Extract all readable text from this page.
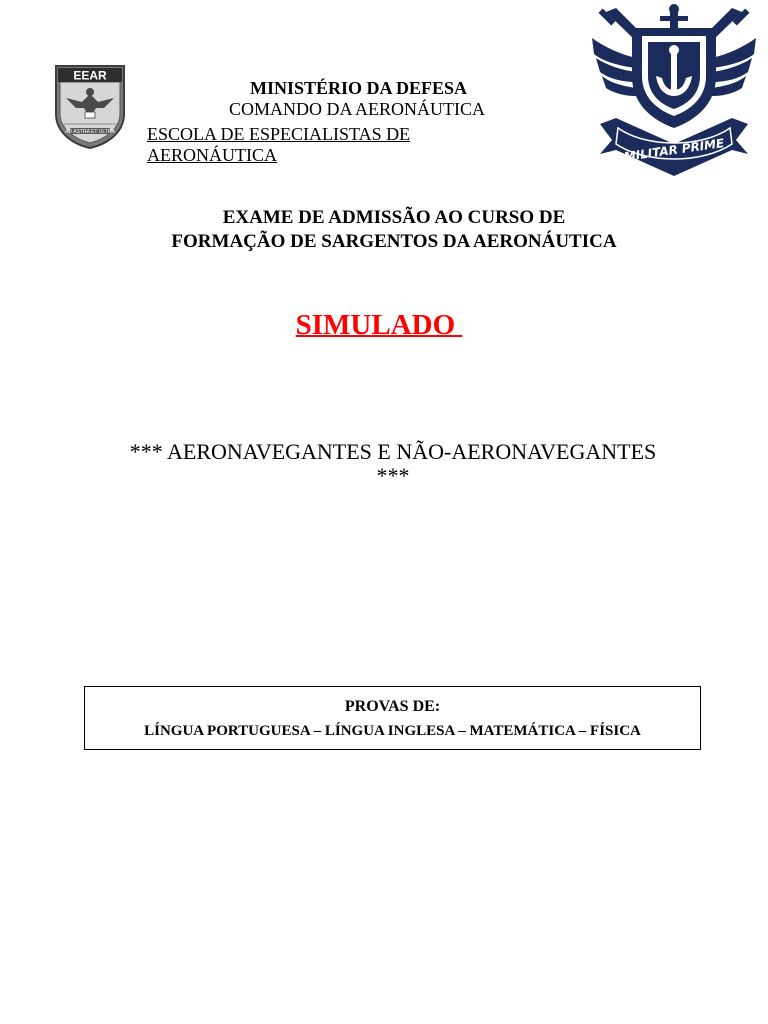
EEAR
AD ASTRA ET ULTRA
MILITAR PRIME
MINISTÉRIO DA DEFESA
COMANDO DA AERONÁUTICA
ESCOLA DE ESPECIALISTAS DE AERONÁUTICA
EXAME DE ADMISSÃO AO CURSO DE
FORMAÇÃO DE SARGENTOS DA AERONÁUTICA
SIMULADO
*** AERONAVEGANTES E NÃO-AERONAVEGANTES
***
PROVAS DE:
LÍNGUA PORTUGUESA – LÍNGUA INGLESA – MATEMÁTICA – FÍSICA
